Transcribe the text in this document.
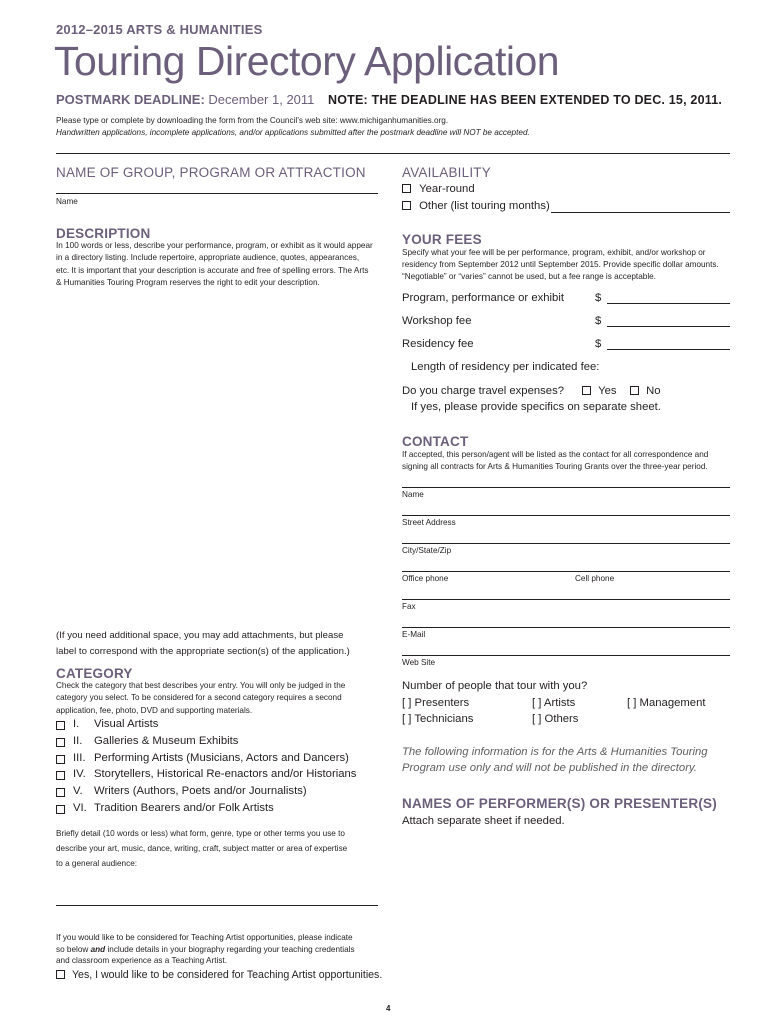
2012–2015 ARTS & HUMANITIES
Touring Directory Application
POSTMARK DEADLINE: December 1, 2011 NOTE: THE DEADLINE HAS BEEN EXTENDED TO DEC. 15, 2011.
Please type or complete by downloading the form from the Council’s web site: www.michiganhumanities.org.
Handwritten applications, incomplete applications, and/or applications submitted after the postmark deadline will NOT be accepted.
NAME OF GROUP, PROGRAM OR ATTRACTION
Name
DESCRIPTION
In 100 words or less, describe your performance, program, or exhibit as it would appear in a directory listing. Include repertoire, appropriate audience, quotes, appearances, etc. It is important that your description is accurate and free of spelling errors. The Arts & Humanities Touring Program reserves the right to edit your description.
(If you need additional space, you may add attachments, but please
label to correspond with the appropriate section(s) of the application.)
CATEGORY
Check the category that best describes your entry. You will only be judged in the category you select. To be considered for a second category requires a second application, fee, photo, DVD and supporting materials.
I. Visual Artists
II. Galleries & Museum Exhibits
III. Performing Artists (Musicians, Actors and Dancers)
IV. Storytellers, Historical Re-enactors and/or Historians
V. Writers (Authors, Poets and/or Journalists)
VI. Tradition Bearers and/or Folk Artists
Briefly detail (10 words or less) what form, genre, type or other terms you use to
describe your art, music, dance, writing, craft, subject matter or area of expertise
to a general audience:
If you would like to be considered for Teaching Artist opportunities, please indicate
so below and include details in your biography regarding your teaching credentials
and classroom experience as a Teaching Artist.
Yes, I would like to be considered for Teaching Artist opportunities.
AVAILABILITY
Year-round
Other (list touring months)
YOUR FEES
Specify what your fee will be per performance, program, exhibit, and/or workshop or residency from September 2012 until September 2015. Provide specific dollar amounts. “Negotiable” or “varies” cannot be used, but a fee range is acceptable.
Program, performance or exhibit	$
Workshop fee	$
Residency fee	$
Length of residency per indicated fee:
Do you charge travel expenses?	Yes	No
If yes, please provide specifics on separate sheet.
CONTACT
If accepted, this person/agent will be listed as the contact for all correspondence and signing all contracts for Arts & Humanities Touring Grants over the three-year period.
Name
Street Address
City/State/Zip
Office phone	Cell phone
Fax
E-Mail
Web Site
Number of people that tour with you?
[ ] Presenters	[ ] Artists	[ ] Management
[ ] Technicians	[ ] Others
The following information is for the Arts & Humanities Touring
Program use only and will not be published in the directory.
NAMES OF PERFORMER(S) OR PRESENTER(S)
Attach separate sheet if needed.
4
